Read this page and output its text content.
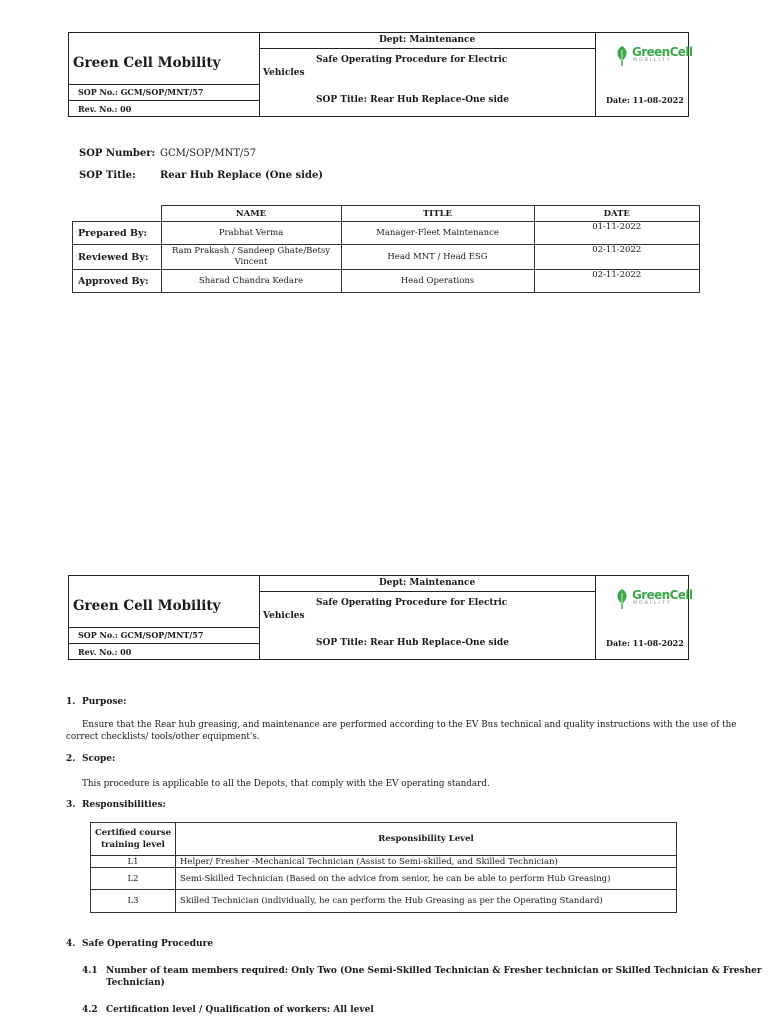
Green Cell Mobility
Dept: Maintenance
Safe Operating Procedure for Electric
Vehicles
SOP No.: GCM/SOP/MNT/57
Rev. No.: 00
SOP Title: Rear Hub Replace-One side	Date: 11-08-2022
GreenCell
MOBILITY
SOP Number: GCM/SOP/MNT/57
SOP Title: Rear Hub Replace (One side)
	NAME	TITLE	DATE
Prepared By:	Prabhat Verma	Manager-Fleet Maintenance	01-11-2022
Reviewed By:	Ram Prakash / Sandeep Ghate/Betsy
Vincent	Head MNT / Head ESG	02-11-2022
Approved By:	Sharad Chandra Kedare	Head Operations	02-11-2022
Green Cell Mobility
Dept: Maintenance
Safe Operating Procedure for Electric
Vehicles
SOP No.: GCM/SOP/MNT/57
Rev. No.: 00
SOP Title: Rear Hub Replace-One side	Date: 11-08-2022
GreenCell
MOBILITY
1. Purpose:
Ensure that the Rear hub greasing, and maintenance are performed according to the EV Bus technical and quality instructions with the use of the
correct checklists/ tools/other equipment's.
2. Scope:
This procedure is applicable to all the Depots, that comply with the EV operating standard.
3. Responsibilities:
Certified course
training level	Responsibility Level
L1	Helper/ Fresher -Mechanical Technician (Assist to Semi-skilled, and Skilled Technician)
L2	Semi-Skilled Technician (Based on the advice from senior, he can be able to perform Hub Greasing)
L3	Skilled Technician (individually, he can perform the Hub Greasing as per the Operating Standard)
4. Safe Operating Procedure
4.1 Number of team members required: Only Two (One Semi-Skilled Technician & Fresher technician or Skilled Technician & Fresher
Technician)
4.2 Certification level / Qualification of workers: All level
